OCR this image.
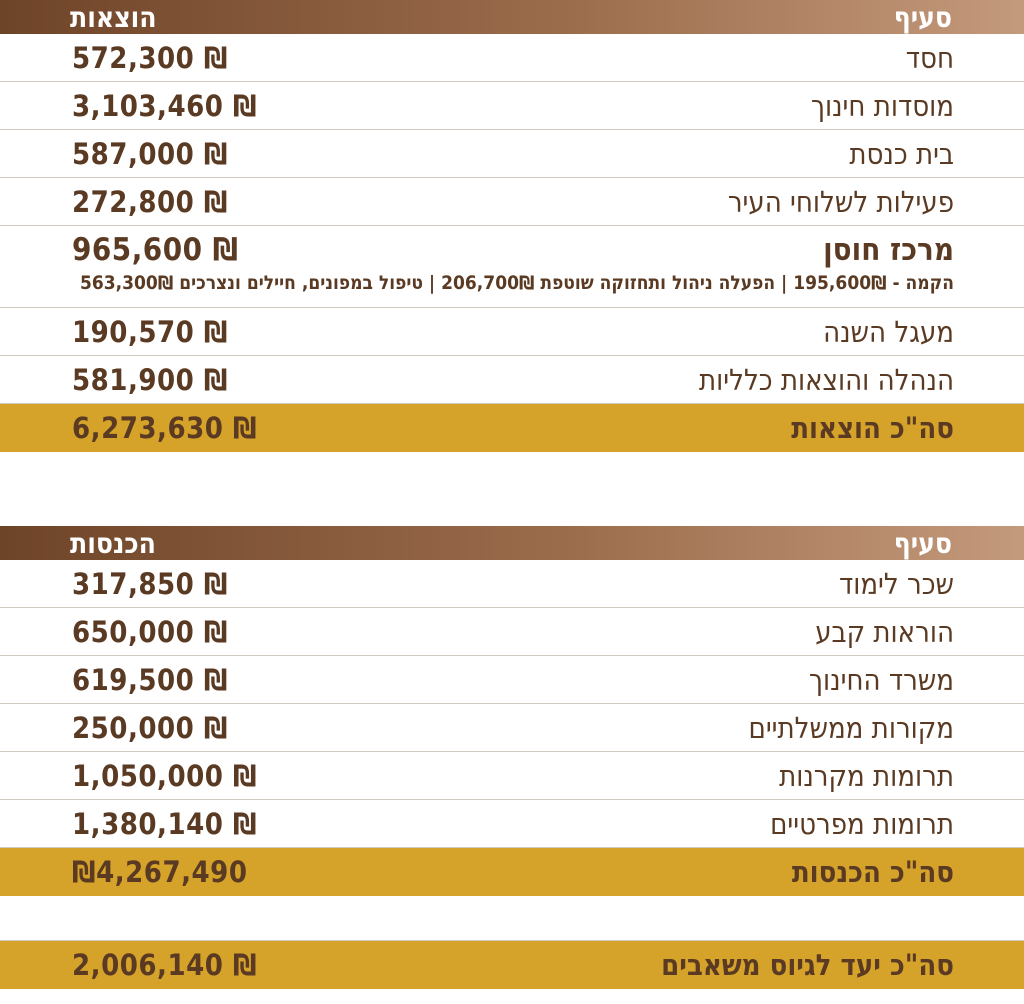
הוצאות	סעיף
572,300 ₪	חסד
3,103,460 ₪	מוסדות חינוך
587,000 ₪	בית כנסת
272,800 ₪	פעילות לשלוחי העיר
965,600 ₪	מרכז חוסן
הקמה - 195,600₪ | הפעלה ניהול ותחזוקה שוטפת 206,700₪ | טיפול במפונים, חיילים ונצרכים 563,300₪
190,570 ₪	מעגל השנה
581,900 ₪	הנהלה והוצאות כלליות
6,273,630 ₪	סה"כ הוצאות
הכנסות	סעיף
317,850 ₪	שכר לימוד
650,000 ₪	הוראות קבע
619,500 ₪	משרד החינוך
250,000 ₪	מקורות ממשלתיים
1,050,000 ₪	תרומות מקרנות
1,380,140 ₪	תרומות מפרטיים
₪4,267,490	סה"כ הכנסות
2,006,140 ₪	סה"כ יעד לגיוס משאבים
